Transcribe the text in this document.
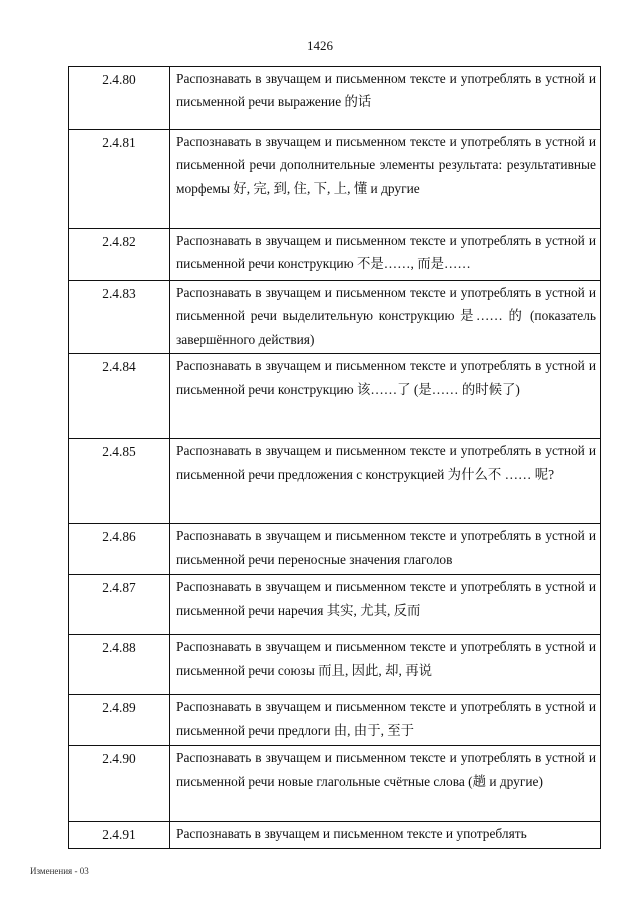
1426
2.4.80	Распознавать в звучащем и письменном тексте и употреблять в устной и письменной речи выражение 的话
2.4.81	Распознавать в звучащем и письменном тексте и употреблять в устной и письменной речи дополнительные элементы результата: результативные морфемы 好, 完, 到, 住, 下, 上, 懂 и другие
2.4.82	Распознавать в звучащем и письменном тексте и употреблять в устной и письменной речи конструкцию 不是……, 而是……
2.4.83	Распознавать в звучащем и письменном тексте и употреблять в устной и письменной речи выделительную конструкцию 是…… 的 (показатель завершённого действия)
2.4.84	Распознавать в звучащем и письменном тексте и употреблять в устной и письменной речи конструкцию 该……了 (是…… 的时候了)
2.4.85	Распознавать в звучащем и письменном тексте и употреблять в устной и письменной речи предложения с конструкцией 为什么不 …… 呢?
2.4.86	Распознавать в звучащем и письменном тексте и употреблять в устной и письменной речи переносные значения глаголов
2.4.87	Распознавать в звучащем и письменном тексте и употреблять в устной и письменной речи наречия 其实, 尤其, 反而
2.4.88	Распознавать в звучащем и письменном тексте и употреблять в устной и письменной речи союзы 而且, 因此, 却, 再说
2.4.89	Распознавать в звучащем и письменном тексте и употреблять в устной и письменной речи предлоги 由, 由于, 至于
2.4.90	Распознавать в звучащем и письменном тексте и употреблять в устной и письменной речи новые глагольные счётные слова (趟 и другие)
2.4.91	Распознавать в звучащем и письменном тексте и употреблять
Изменения - 03
